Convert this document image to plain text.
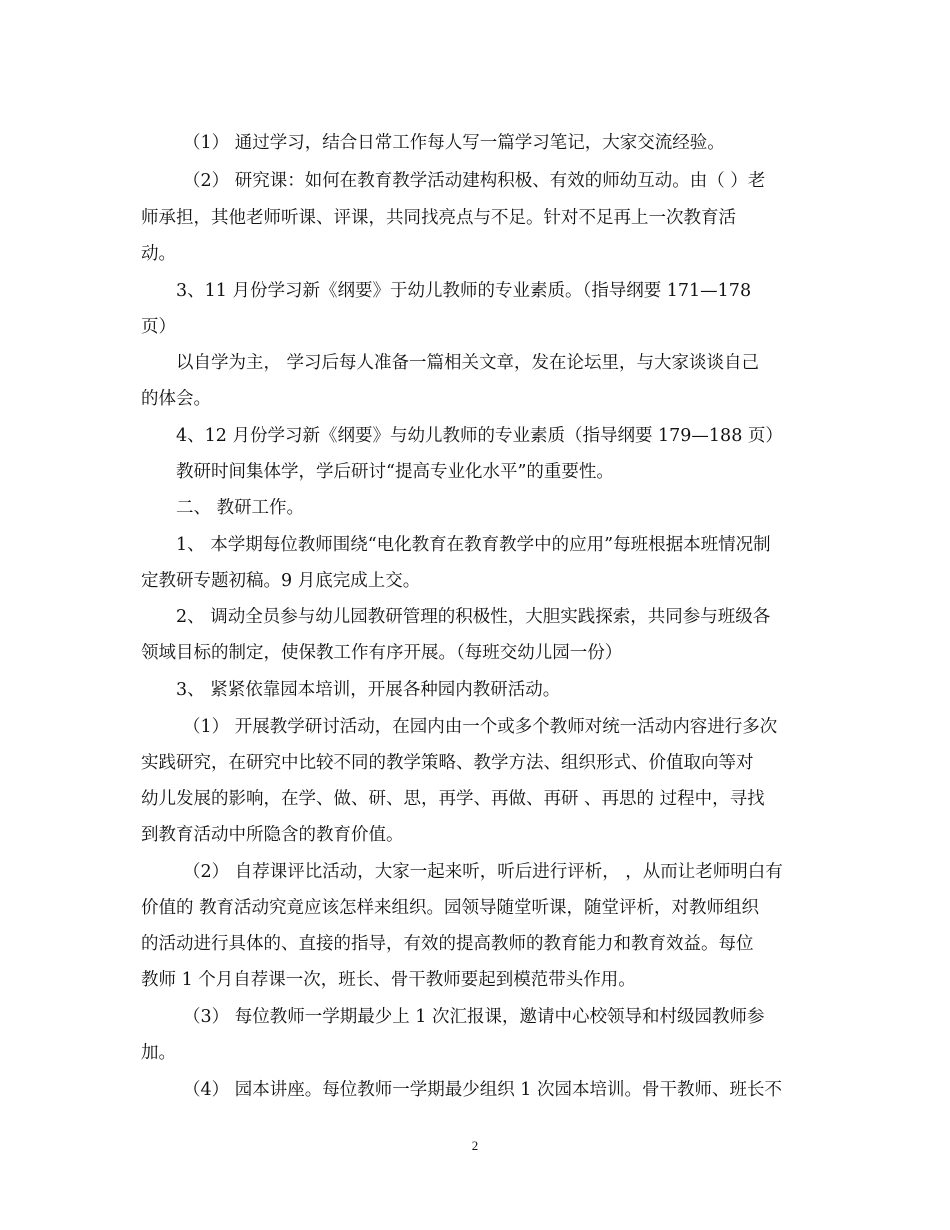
（1） 通过学习，结合日常工作每人写一篇学习笔记，大家交流经验。
（2） 研究课：如何在教育教学活动建构积极、有效的师幼互动。由（ ）老
师承担，其他老师听课、评课，共同找亮点与不足。针对不足再上一次教育活
动。
3、11 月份学习新《纲要》于幼儿教师的专业素质。（指导纲要 171—178
页）
以自学为主， 学习后每人准备一篇相关文章，发在论坛里，与大家谈谈自己
的体会。
4、12 月份学习新《纲要》与幼儿教师的专业素质（指导纲要 179—188 页）
教研时间集体学，学后研讨“提高专业化水平”的重要性。
二、 教研工作。
1、 本学期每位教师围绕“电化教育在教育教学中的应用”每班根据本班情况制
定教研专题初稿。9 月底完成上交。
2、 调动全员参与幼儿园教研管理的积极性，大胆实践探索，共同参与班级各
领域目标的制定，使保教工作有序开展。（每班交幼儿园一份）
3、 紧紧依靠园本培训，开展各种园内教研活动。
（1） 开展教学研讨活动，在园内由一个或多个教师对统一活动内容进行多次
实践研究，在研究中比较不同的教学策略、教学方法、组织形式、价值取向等对
幼儿发展的影响，在学、做、研、思，再学、再做、再研 、再思的 过程中，寻找
到教育活动中所隐含的教育价值。
（2） 自荐课评比活动，大家一起来听，听后进行评析， ，从而让老师明白有
价值的 教育活动究竟应该怎样来组织。园领导随堂听课，随堂评析，对教师组织
的活动进行具体的、直接的指导，有效的提高教师的教育能力和教育效益。每位
教师 1 个月自荐课一次，班长、骨干教师要起到模范带头作用。
（3） 每位教师一学期最少上 1 次汇报课，邀请中心校领导和村级园教师参
加。
（4） 园本讲座。每位教师一学期最少组织 1 次园本培训。骨干教师、班长不
2
